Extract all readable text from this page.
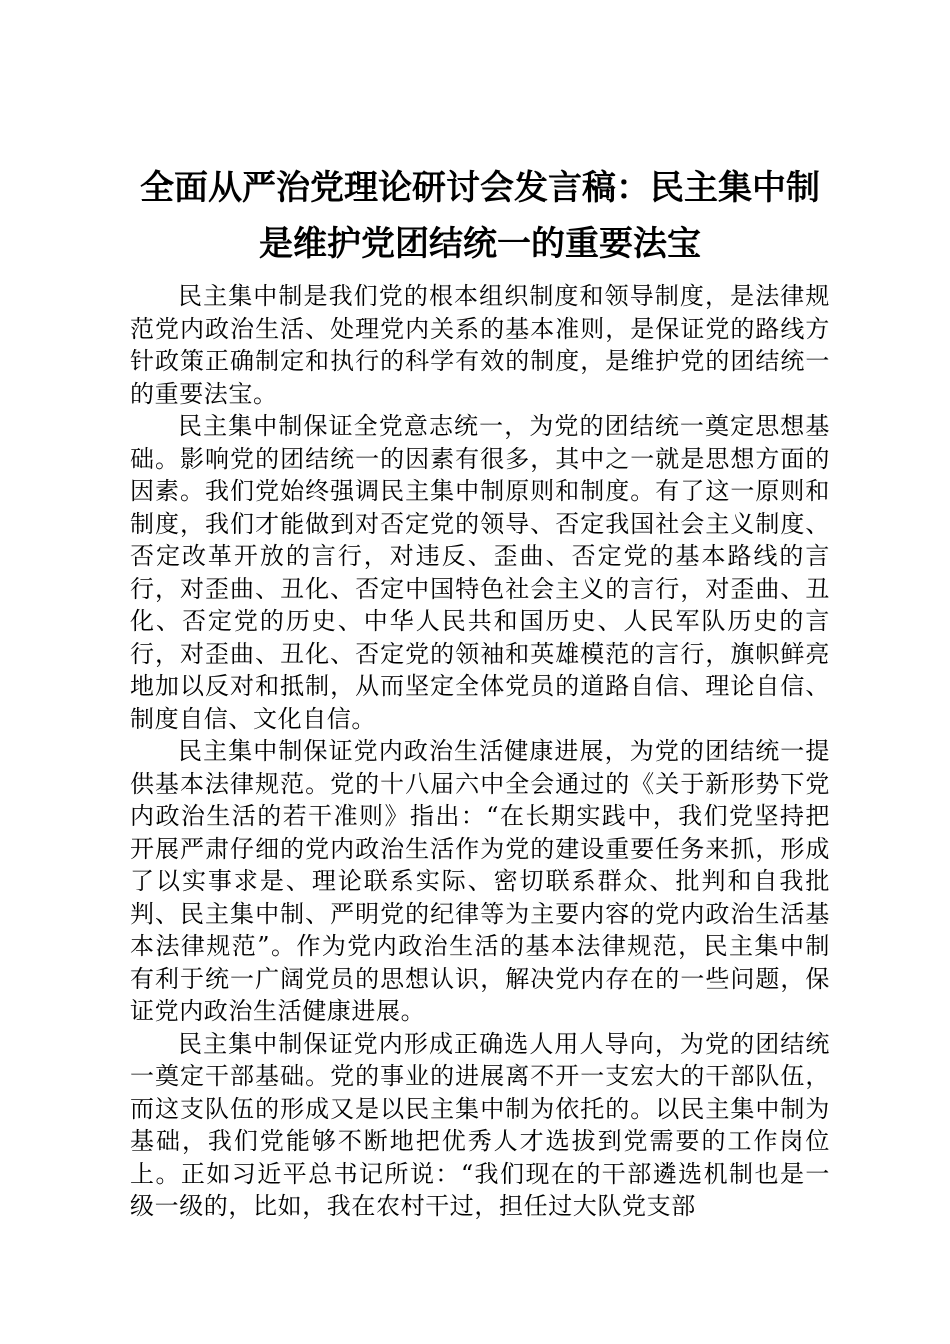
全面从严治党理论研讨会发言稿：民主集中制
是维护党团结统一的重要法宝

民主集中制是我们党的根本组织制度和领导制度，是法律规范党内政治生活、处理党内关系的基本准则，是保证党的路线方针政策正确制定和执行的科学有效的制度，是维护党的团结统一的重要法宝。

民主集中制保证全党意志统一，为党的团结统一奠定思想基础。影响党的团结统一的因素有很多，其中之一就是思想方面的因素。我们党始终强调民主集中制原则和制度。有了这一原则和制度，我们才能做到对否定党的领导、否定我国社会主义制度、否定改革开放的言行，对违反、歪曲、否定党的基本路线的言行，对歪曲、丑化、否定中国特色社会主义的言行，对歪曲、丑化、否定党的历史、中华人民共和国历史、人民军队历史的言行，对歪曲、丑化、否定党的领袖和英雄模范的言行，旗帜鲜亮地加以反对和抵制，从而坚定全体党员的道路自信、理论自信、制度自信、文化自信。

民主集中制保证党内政治生活健康进展，为党的团结统一提供基本法律规范。党的十八届六中全会通过的《关于新形势下党内政治生活的若干准则》指出：“在长期实践中，我们党坚持把开展严肃仔细的党内政治生活作为党的建设重要任务来抓，形成了以实事求是、理论联系实际、密切联系群众、批判和自我批判、民主集中制、严明党的纪律等为主要内容的党内政治生活基本法律规范”。作为党内政治生活的基本法律规范，民主集中制有利于统一广阔党员的思想认识，解决党内存在的一些问题，保证党内政治生活健康进展。

民主集中制保证党内形成正确选人用人导向，为党的团结统一奠定干部基础。党的事业的进展离不开一支宏大的干部队伍，而这支队伍的形成又是以民主集中制为依托的。以民主集中制为基础，我们党能够不断地把优秀人才选拔到党需要的工作岗位上。正如习近平总书记所说：“我们现在的干部遴选机制也是一级一级的，比如，我在农村干过，担任过大队党支部
